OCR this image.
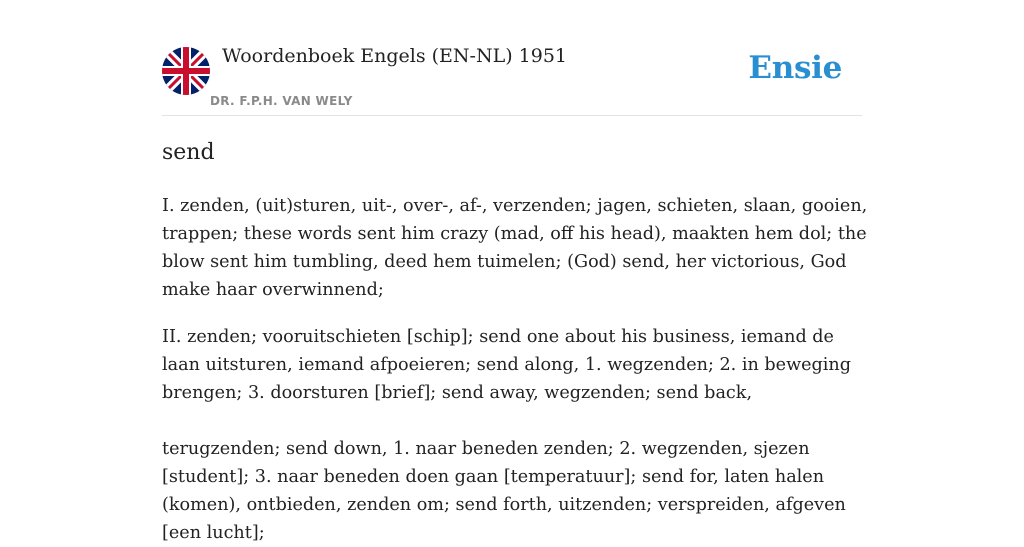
Woordenboek Engels (EN-NL) 1951
DR. F.P.H. VAN WELY
Ensie
send

I. zenden, (uit)sturen, uit-, over-, af-, verzenden; jagen, schieten, slaan, gooien, trappen; these words sent him crazy (mad, off his head), maakten hem dol; the blow sent him tumbling, deed hem tuimelen; (God) send, her victorious, God make haar overwinnend;

II. zenden; vooruitschieten [schip]; send one about his business, iemand de laan uitsturen, iemand afpoeieren; send along, 1. wegzenden; 2. in beweging brengen; 3. doorsturen [brief]; send away, wegzenden; send back,

terugzenden; send down, 1. naar beneden zenden; 2. wegzenden, sjezen [student]; 3. naar beneden doen gaan [temperatuur]; send for, laten halen (komen), ontbieden, zenden om; send forth, uitzenden; verspreiden, afgeven [een lucht];
